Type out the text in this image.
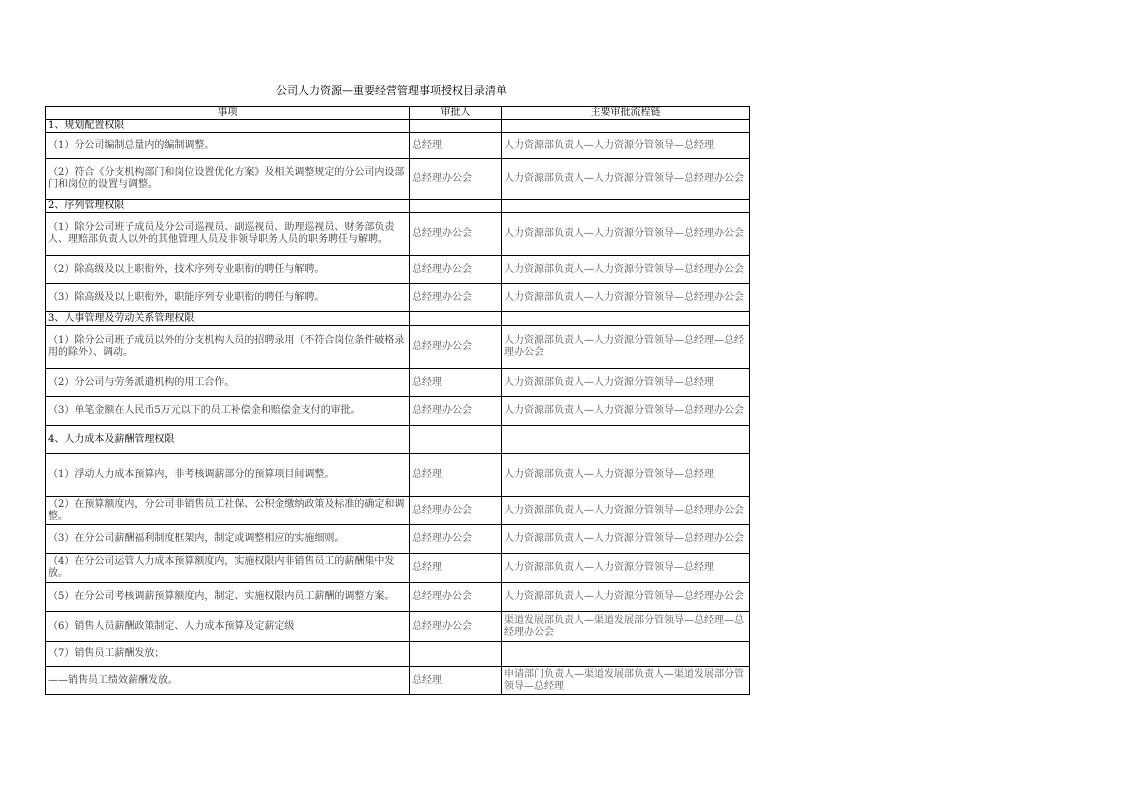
公司人力资源—重要经营管理事项授权目录清单
事项	审批人	主要审批流程链
1、规划配置权限		
（1）分公司编制总量内的编制调整。	总经理	人力资源部负责人—人力资源分管领导—总经理
（2）符合《分支机构部门和岗位设置优化方案》及相关调整规定的分公司内设部门和岗位的设置与调整。	总经理办公会	人力资源部负责人—人力资源分管领导—总经理办公会
2、序列管理权限		
（1）除分公司班子成员及分公司巡视员、副巡视员、助理巡视员、财务部负责人、理赔部负责人以外的其他管理人员及非领导职务人员的职务聘任与解聘。	总经理办公会	人力资源部负责人—人力资源分管领导—总经理办公会
（2）除高级及以上职衔外，技术序列专业职衔的聘任与解聘。	总经理办公会	人力资源部负责人—人力资源分管领导—总经理办公会
（3）除高级及以上职衔外，职能序列专业职衔的聘任与解聘。	总经理办公会	人力资源部负责人—人力资源分管领导—总经理办公会
3、人事管理及劳动关系管理权限		
（1）除分公司班子成员以外的分支机构人员的招聘录用（不符合岗位条件破格录用的除外）、调动。	总经理办公会	人力资源部负责人—人力资源分管领导—总经理—总经理办公会
（2）分公司与劳务派遣机构的用工合作。	总经理	人力资源部负责人—人力资源分管领导—总经理
（3）单笔金额在人民币5万元以下的员工补偿金和赔偿金支付的审批。	总经理办公会	人力资源部负责人—人力资源分管领导—总经理办公会
4、人力成本及薪酬管理权限		
（1）浮动人力成本预算内，非考核调薪部分的预算项目间调整。	总经理	人力资源部负责人—人力资源分管领导—总经理
（2）在预算额度内，分公司非销售员工社保、公积金缴纳政策及标准的确定和调整。	总经理办公会	人力资源部负责人—人力资源分管领导—总经理办公会
（3）在分公司薪酬福利制度框架内，制定或调整相应的实施细则。	总经理办公会	人力资源部负责人—人力资源分管领导—总经理办公会
（4）在分公司运管人力成本预算额度内，实施权限内非销售员工的薪酬集中发放。	总经理	人力资源部负责人—人力资源分管领导—总经理
（5）在分公司考核调薪预算额度内，制定、实施权限内员工薪酬的调整方案。	总经理办公会	人力资源部负责人—人力资源分管领导—总经理办公会
（6）销售人员薪酬政策制定、人力成本预算及定薪定级	总经理办公会	渠道发展部负责人—渠道发展部分管领导—总经理—总经理办公会
（7）销售员工薪酬发放；		
——销售员工绩效薪酬发放。	总经理	申请部门负责人—渠道发展部负责人—渠道发展部分管领导—总经理
